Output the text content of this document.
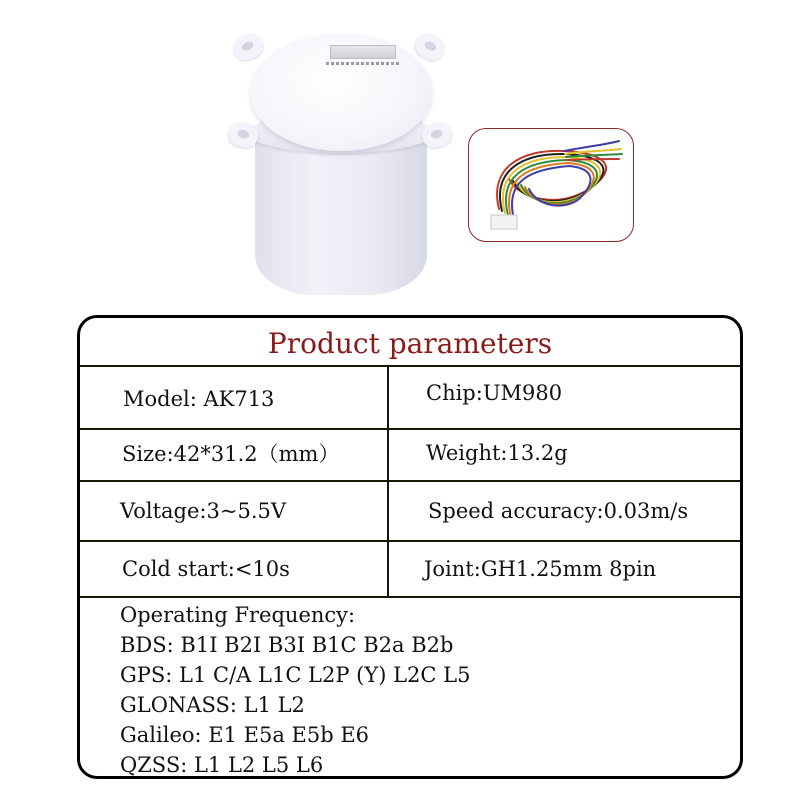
Product parameters
Model: AK713	Chip:UM980
Size:42*31.2（mm）	Weight:13.2g
Voltage:3~5.5V	Speed accuracy:0.03m/s
Cold start:<10s	Joint:GH1.25mm 8pin
Operating Frequency:
BDS: B1I B2I B3I B1C B2a B2b
GPS: L1 C/A L1C L2P (Y) L2C L5
GLONASS: L1 L2
Galileo: E1 E5a E5b E6
QZSS: L1 L2 L5 L6
